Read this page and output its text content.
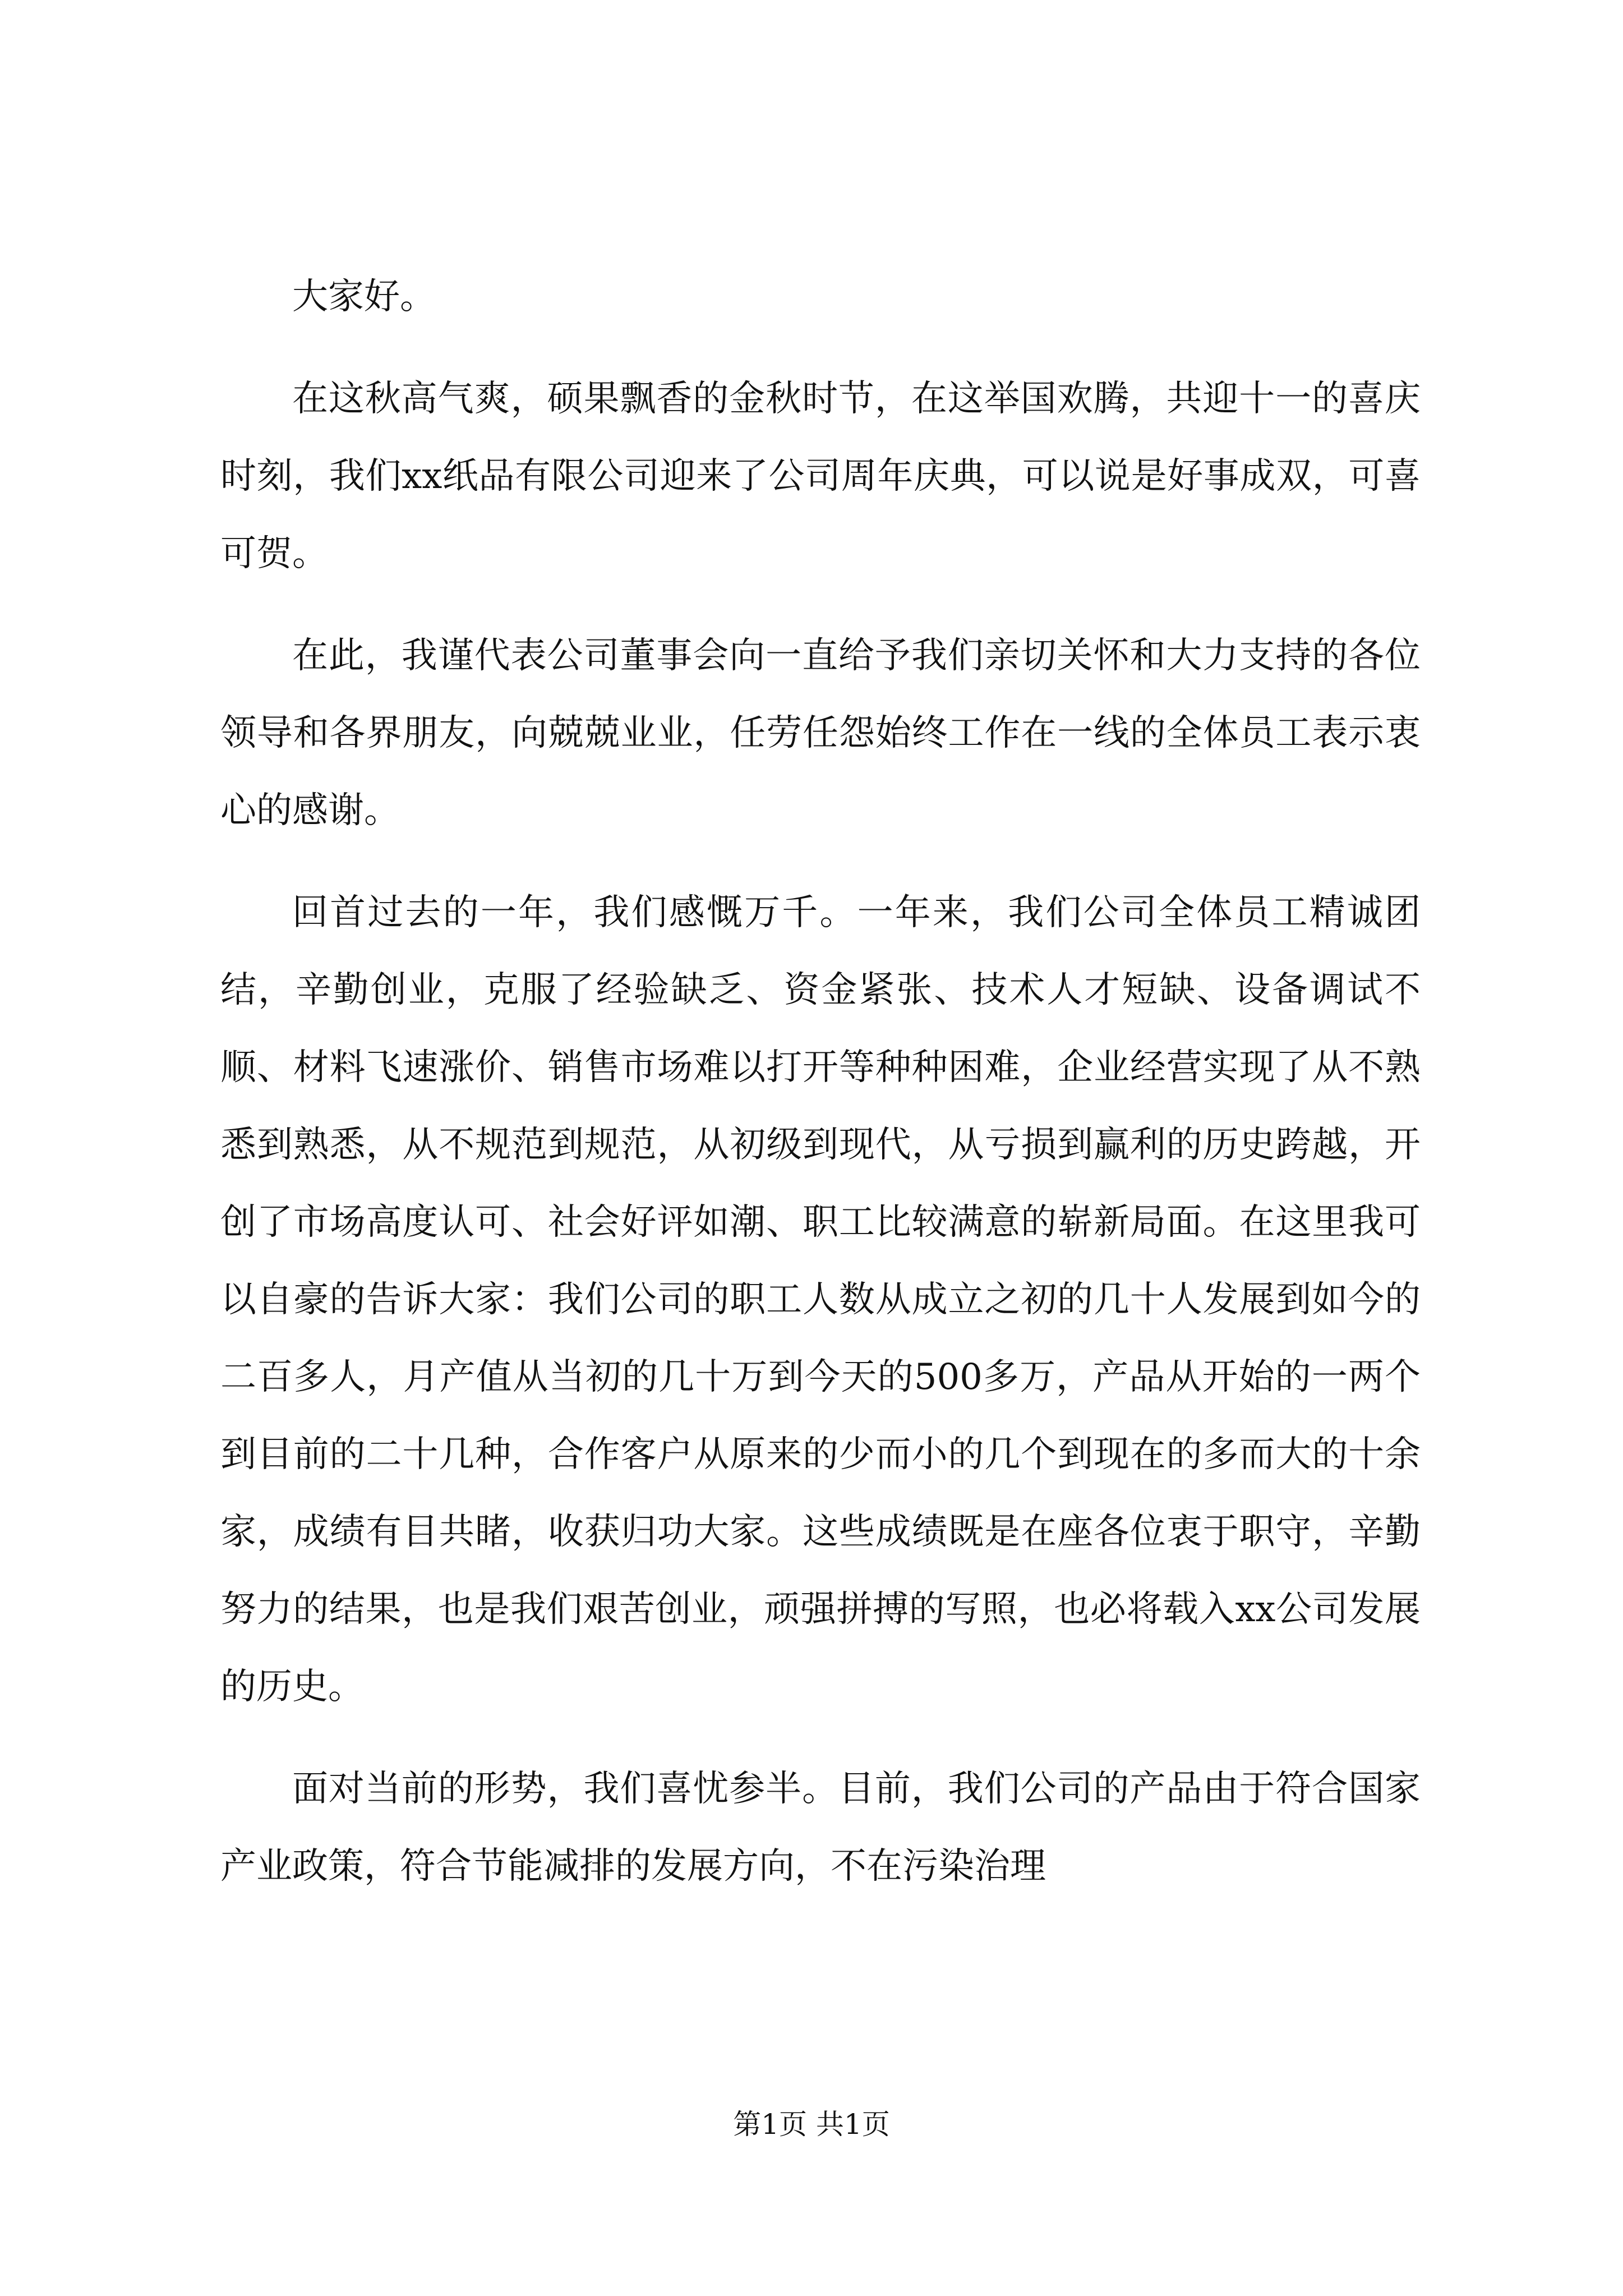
大家好。

在这秋高气爽，硕果飘香的金秋时节，在这举国欢腾，共迎十一的喜庆时刻，我们xx纸品有限公司迎来了公司周年庆典，可以说是好事成双，可喜可贺。

在此，我谨代表公司董事会向一直给予我们亲切关怀和大力支持的各位领导和各界朋友，向兢兢业业，任劳任怨始终工作在一线的全体员工表示衷心的感谢。

回首过去的一年，我们感慨万千。一年来，我们公司全体员工精诚团结，辛勤创业，克服了经验缺乏、资金紧张、技术人才短缺、设备调试不顺、材料飞速涨价、销售市场难以打开等种种困难，企业经营实现了从不熟悉到熟悉，从不规范到规范，从初级到现代，从亏损到赢利的历史跨越，开创了市场高度认可、社会好评如潮、职工比较满意的崭新局面。在这里我可以自豪的告诉大家：我们公司的职工人数从成立之初的几十人发展到如今的二百多人，月产值从当初的几十万到今天的500多万，产品从开始的一两个到目前的二十几种，合作客户从原来的少而小的几个到现在的多而大的十余家，成绩有目共睹，收获归功大家。这些成绩既是在座各位衷于职守，辛勤努力的结果，也是我们艰苦创业，顽强拼搏的写照，也必将载入xx公司发展的历史。

面对当前的形势，我们喜忧参半。目前，我们公司的产品由于符合国家产业政策，符合节能减排的发展方向，不在污染治理

第1页 共1页
